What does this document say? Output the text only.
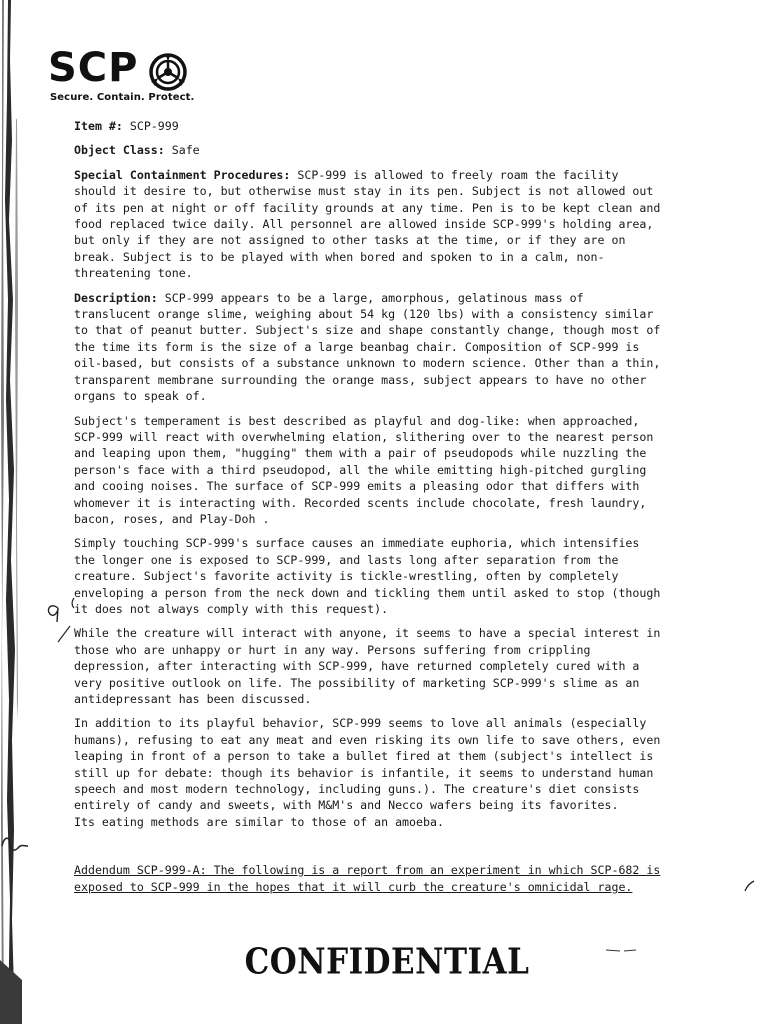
SCP
Secure. Contain. Protect.
Item #: SCP-999
Object Class: Safe
Special Containment Procedures: SCP-999 is allowed to freely roam the facility
should it desire to, but otherwise must stay in its pen. Subject is not allowed out
of its pen at night or off facility grounds at any time. Pen is to be kept clean and
food replaced twice daily. All personnel are allowed inside SCP-999's holding area,
but only if they are not assigned to other tasks at the time, or if they are on
break. Subject is to be played with when bored and spoken to in a calm, non-
threatening tone.
Description: SCP-999 appears to be a large, amorphous, gelatinous mass of
translucent orange slime, weighing about 54 kg (120 lbs) with a consistency similar
to that of peanut butter. Subject's size and shape constantly change, though most of
the time its form is the size of a large beanbag chair. Composition of SCP-999 is
oil-based, but consists of a substance unknown to modern science. Other than a thin,
transparent membrane surrounding the orange mass, subject appears to have no other
organs to speak of.
Subject's temperament is best described as playful and dog-like: when approached,
SCP-999 will react with overwhelming elation, slithering over to the nearest person
and leaping upon them, "hugging" them with a pair of pseudopods while nuzzling the
person's face with a third pseudopod, all the while emitting high-pitched gurgling
and cooing noises. The surface of SCP-999 emits a pleasing odor that differs with
whomever it is interacting with. Recorded scents include chocolate, fresh laundry,
bacon, roses, and Play-Doh .
Simply touching SCP-999's surface causes an immediate euphoria, which intensifies
the longer one is exposed to SCP-999, and lasts long after separation from the
creature. Subject's favorite activity is tickle-wrestling, often by completely
enveloping a person from the neck down and tickling them until asked to stop (though
it does not always comply with this request).
While the creature will interact with anyone, it seems to have a special interest in
those who are unhappy or hurt in any way. Persons suffering from crippling
depression, after interacting with SCP-999, have returned completely cured with a
very positive outlook on life. The possibility of marketing SCP-999's slime as an
antidepressant has been discussed.
In addition to its playful behavior, SCP-999 seems to love all animals (especially
humans), refusing to eat any meat and even risking its own life to save others, even
leaping in front of a person to take a bullet fired at them (subject's intellect is
still up for debate: though its behavior is infantile, it seems to understand human
speech and most modern technology, including guns.). The creature's diet consists
entirely of candy and sweets, with M&M's and Necco wafers being its favorites.
Its eating methods are similar to those of an amoeba.
Addendum SCP-999-A: The following is a report from an experiment in which SCP-682 is
exposed to SCP-999 in the hopes that it will curb the creature's omnicidal rage.
CONFIDENTIAL
